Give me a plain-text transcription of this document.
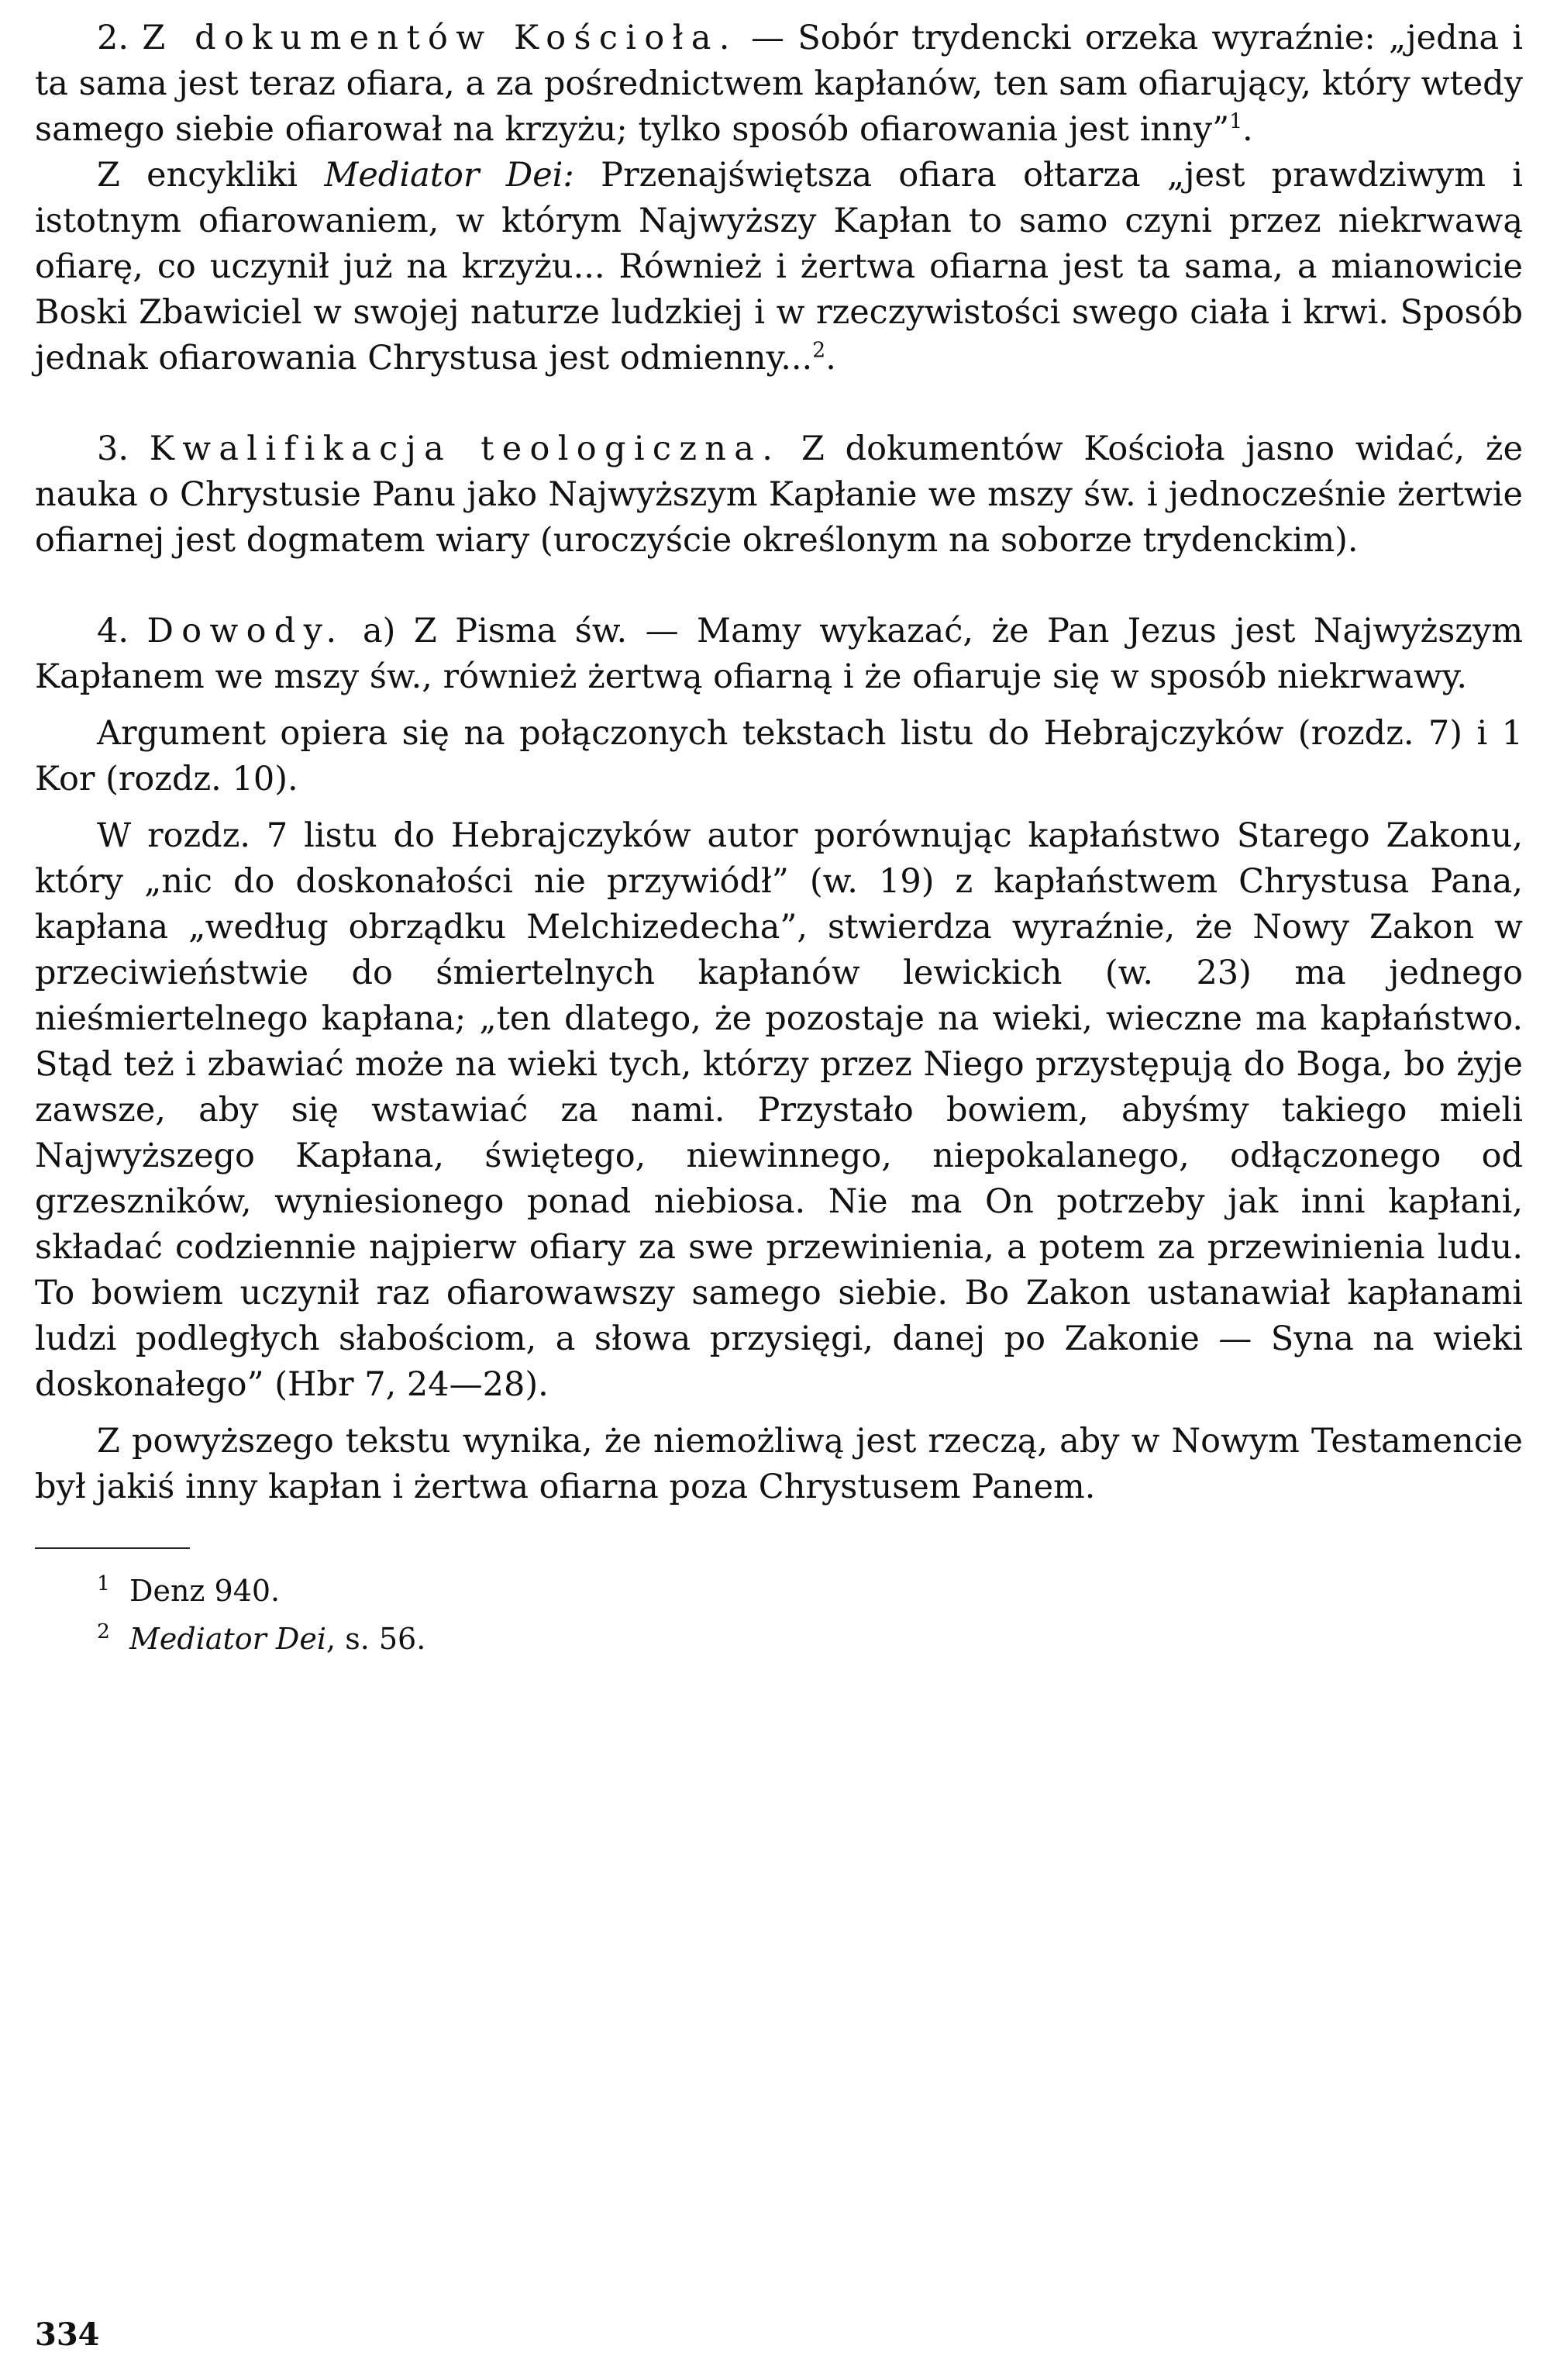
2. Z dokumentów Kościoła. — Sobór trydencki orzeka wyraźnie: „jedna i ta sama jest teraz ofiara, a za pośrednictwem kapłanów, ten sam ofiarujący, który wtedy samego siebie ofiarował na krzyżu; tylko sposób ofiarowania jest inny”$^1$.

Z encykliki Mediator Dei: Przenajświętsza ofiara ołtarza „jest prawdziwym i istotnym ofiarowaniem, w którym Najwyższy Kapłan to samo czyni przez niekrwawą ofiarę, co uczynił już na krzyżu... Również i żertwa ofiarna jest ta sama, a mianowicie Boski Zbawiciel w swojej naturze ludzkiej i w rzeczywistości swego ciała i krwi. Sposób jednak ofiarowania Chrystusa jest odmienny...$^2$.

3. Kwalifikacja teologiczna. Z dokumentów Kościoła jasno widać, że nauka o Chrystusie Panu jako Najwyższym Kapłanie we mszy św. i jednocześnie żertwie ofiarnej jest dogmatem wiary (uroczyście określonym na soborze trydenckim).

4. Dowody. a) Z Pisma św. — Mamy wykazać, że Pan Jezus jest Najwyższym Kapłanem we mszy św., również żertwą ofiarną i że ofiaruje się w sposób niekrwawy.

Argument opiera się na połączonych tekstach listu do Hebrajczyków (rozdz. 7) i 1 Kor (rozdz. 10).

W rozdz. 7 listu do Hebrajczyków autor porównując kapłaństwo Starego Zakonu, który „nic do doskonałości nie przywiódł” (w. 19) z kapłaństwem Chrystusa Pana, kapłana „według obrządku Melchizedecha”, stwierdza wyraźnie, że Nowy Zakon w przeciwieństwie do śmiertelnych kapłanów lewickich (w. 23) ma jednego nieśmiertelnego kapłana; „ten dlatego, że pozostaje na wieki, wieczne ma kapłaństwo. Stąd też i zbawiać może na wieki tych, którzy przez Niego przystępują do Boga, bo żyje zawsze, aby się wstawiać za nami. Przystało bowiem, abyśmy takiego mieli Najwyższego Kapłana, świętego, niewinnego, niepokalanego, odłączonego od grzeszników, wyniesionego ponad niebiosa. Nie ma On potrzeby jak inni kapłani, składać codziennie najpierw ofiary za swe przewinienia, a potem za przewinienia ludu. To bowiem uczynił raz ofiarowawszy samego siebie. Bo Zakon ustanawiał kapłanami ludzi podległych słabościom, a słowa przysięgi, danej po Zakonie — Syna na wieki doskonałego” (Hbr 7, 24—28).

Z powyższego tekstu wynika, że niemożliwą jest rzeczą, aby w Nowym Testamencie był jakiś inny kapłan i żertwa ofiarna poza Chrystusem Panem.

1 Denz 940.

2 Mediator Dei, s. 56.

334
